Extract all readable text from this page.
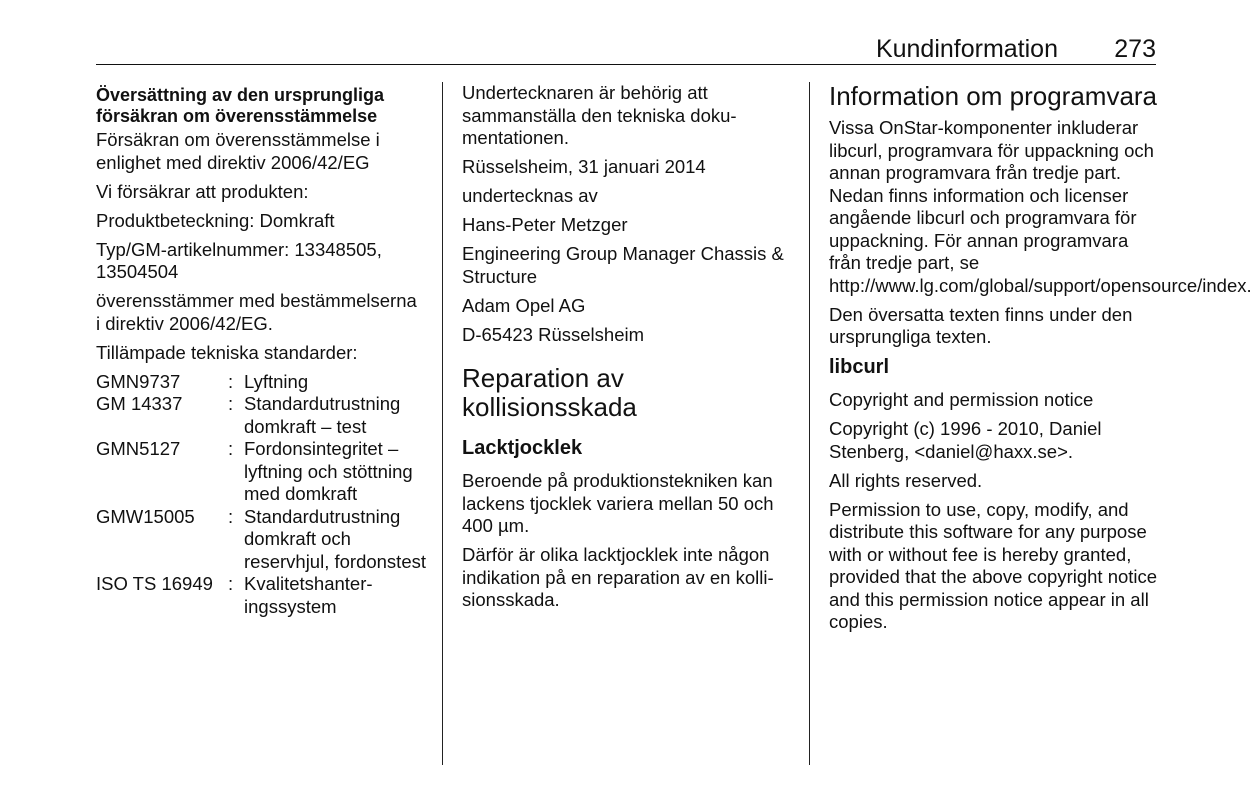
Kundinformation 273

Översättning av den ursprungliga försäkran om överensstämmelse

Försäkran om överensstämmelse i enlighet med direktiv 2006/42/EG

Vi försäkrar att produkten:

Produktbeteckning: Domkraft

Typ/GM-artikelnummer: 13348505, 13504504

överensstämmer med bestämmelserna i direktiv 2006/42/EG.

Tillämpade tekniska standarder:

GMN9737	:	Lyftning
GM 14337	:	Standardutrustning domkraft – test
GMN5127	:	Fordonsintegritet – lyftning och stöttning med domkraft
GMW15005	:	Standardutrustning domkraft och reservhjul, fordonstest
ISO TS 16949	:	Kvalitetshanteringssystem

Undertecknaren är behörig att sammanställa den tekniska dokumentationen.

Rüsselsheim, 31 januari 2014

undertecknas av

Hans-Peter Metzger

Engineering Group Manager Chassis & Structure

Adam Opel AG

D-65423 Rüsselsheim

Reparation av kollisionsskada
Lacktjocklek

Beroende på produktionstekniken kan lackens tjocklek variera mellan 50 och 400 µm.

Därför är olika lacktjocklek inte någon indikation på en reparation av en kollisionsskada.

Information om programvara

Vissa OnStar-komponenter inkluderar libcurl, programvara för uppackning och annan programvara från tredje part. Nedan finns information och licenser angående libcurl och programvara för uppackning. För annan programvara från tredje part, se http://www.lg.com/global/support/opensource/index.

Den översatta texten finns under den ursprungliga texten.

libcurl

Copyright and permission notice

Copyright (c) 1996 - 2010, Daniel Stenberg, <daniel@haxx.se>.

All rights reserved.

Permission to use, copy, modify, and distribute this software for any purpose with or without fee is hereby granted, provided that the above copyright notice and this permission notice appear in all copies.
